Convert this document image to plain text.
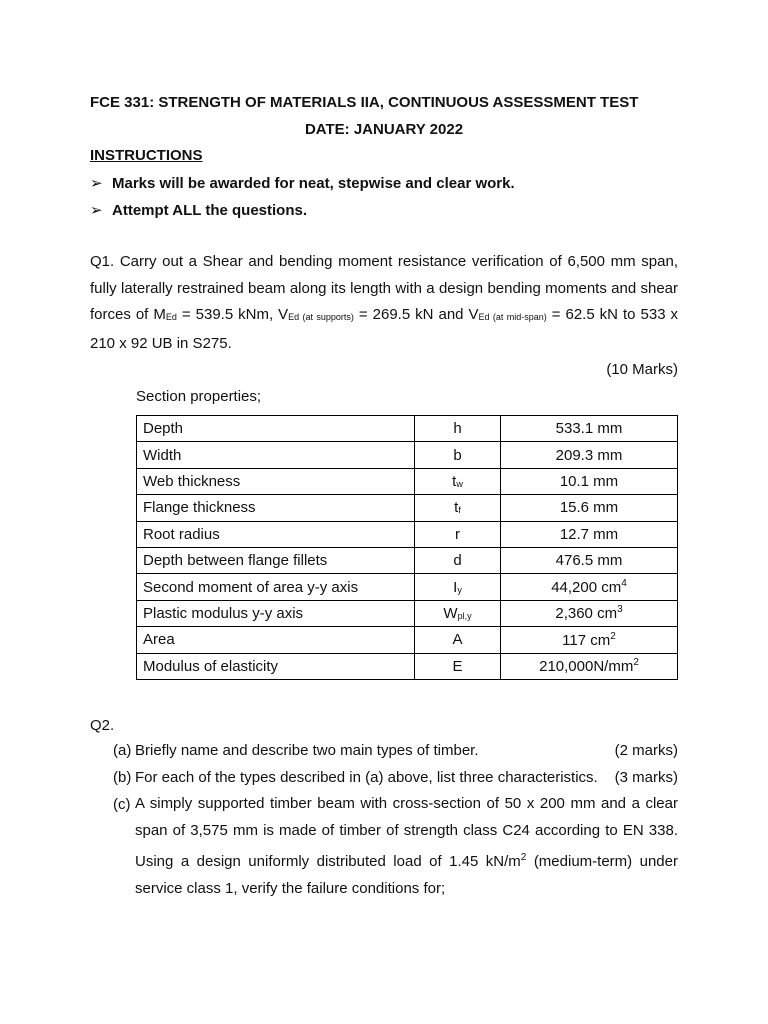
FCE 331: STRENGTH OF MATERIALS IIA, CONTINUOUS ASSESSMENT TEST
DATE: JANUARY 2022
INSTRUCTIONS
➢ Marks will be awarded for neat, stepwise and clear work.
➢ Attempt ALL the questions.
Q1. Carry out a Shear and bending moment resistance verification of 6,500 mm span, fully laterally restrained beam along its length with a design bending moments and shear forces of $M_{Ed} = 539.5$ kNm, $V_{Ed (at supports)} = 269.5$ kN and $V_{Ed (at mid-span)} = 62.5$ kN to 533 x 210 x 92 UB in S275.
(10 Marks)
Section properties;
Depth	h	533.1 mm
Width	b	209.3 mm
Web thickness	$t_w$	10.1 mm
Flange thickness	$t_f$	15.6 mm
Root radius	r	12.7 mm
Depth between flange fillets	d	476.5 mm
Second moment of area y-y axis	$I_y$	44,200 $cm^4$
Plastic modulus y-y axis	$W_{pl,y}$	2,360 $cm^3$
Area	A	117 $cm^2$
Modulus of elasticity	E	$210,000N/mm^2$
Q2.
(a) Briefly name and describe two main types of timber.	(2 marks)
(b) For each of the types described in (a) above, list three characteristics. (3 marks)
(c) A simply supported timber beam with cross-section of 50 x 200 mm and a clear span of 3,575 mm is made of timber of strength class C24 according to EN 338. Using a design uniformly distributed load of 1.45 $kN/m^2$ (medium-term) under service class 1, verify the failure conditions for;
